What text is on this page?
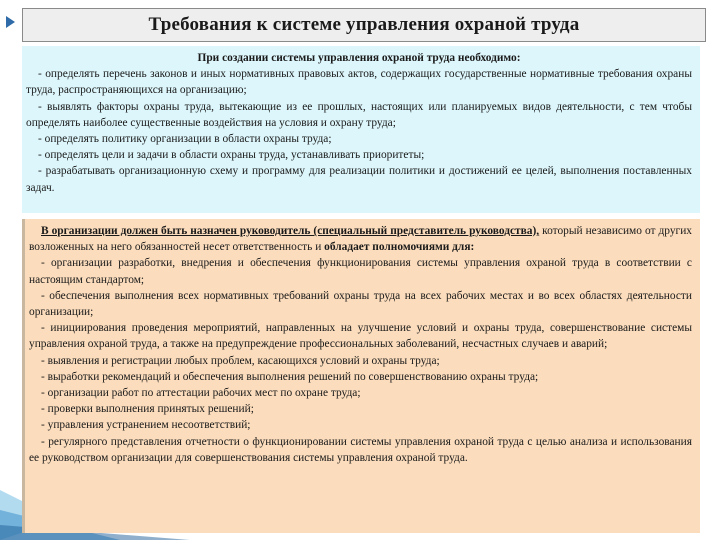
Требования к системе управления охраной труда

При создании системы управления охраной труда необходимо:

- определять перечень законов и иных нормативных правовых актов, содержащих государственные нормативные требования охраны труда, распространяющихся на организацию;

- выявлять факторы охраны труда, вытекающие из ее прошлых, настоящих или планируемых видов деятельности, с тем чтобы определять наиболее существенные воздействия на условия и охрану труда;

- определять политику организации в области охраны труда;

- определять цели и задачи в области охраны труда, устанавливать приоритеты;

- разрабатывать организационную схему и программу для реализации политики и достижений ее целей, выполнения поставленных задач.

В организации должен быть назначен руководитель (специальный представитель руководства), который независимо от других возложенных на него обязанностей несет ответственность и обладает полномочиями для:

- организации разработки, внедрения и обеспечения функционирования системы управления охраной труда в соответствии с настоящим стандартом;

- обеспечения выполнения всех нормативных требований охраны труда на всех рабочих местах и во всех областях деятельности организации;

- инициирования проведения мероприятий, направленных на улучшение условий и охраны труда, совершенствование системы управления охраной труда, а также на предупреждение профессиональных заболеваний, несчастных случаев и аварий;

- выявления и регистрации любых проблем, касающихся условий и охраны труда;

- выработки рекомендаций и обеспечения выполнения решений по совершенствованию охраны труда;

- организации работ по аттестации рабочих мест по охране труда;

- проверки выполнения принятых решений;

- управления устранением несоответствий;

- регулярного представления отчетности о функционировании системы управления охраной труда с целью анализа и использования ее руководством организации для совершенствования системы управления охраной труда.
